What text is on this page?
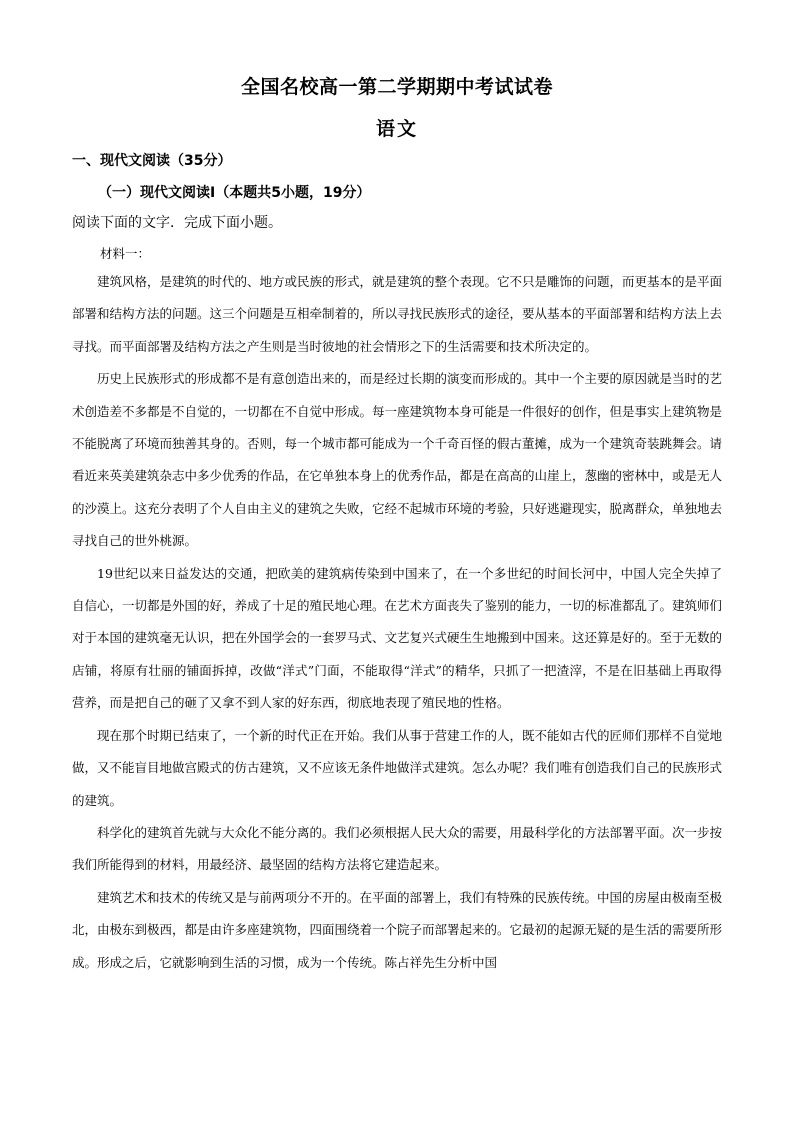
全国名校高一第二学期期中考试试卷
语文
一、现代文阅读（35分）
（一）现代文阅读Ⅰ（本题共5小题，19分）
阅读下面的文字．完成下面小题。
材料一：

建筑风格，是建筑的时代的、地方或民族的形式，就是建筑的整个表现。它不只是雕饰的问题，而更基本的是平面部署和结构方法的问题。这三个问题是互相牵制着的，所以寻找民族形式的途径，要从基本的平面部署和结构方法上去寻找。而平面部署及结构方法之产生则是当时彼地的社会情形之下的生活需要和技术所决定的。

历史上民族形式的形成都不是有意创造出来的，而是经过长期的演变而形成的。其中一个主要的原因就是当时的艺术创造差不多都是不自觉的，一切都在不自觉中形成。每一座建筑物本身可能是一件很好的创作，但是事实上建筑物是不能脱离了环境而独善其身的。否则，每一个城市都可能成为一个千奇百怪的假古董摊，成为一个建筑奇装跳舞会。请看近来英美建筑杂志中多少优秀的作品，在它单独本身上的优秀作品，都是在高高的山崖上，葱幽的密林中，或是无人的沙漠上。这充分表明了个人自由主义的建筑之失败，它经不起城市环境的考验，只好逃避现实，脱离群众，单独地去寻找自己的世外桃源。

19世纪以来日益发达的交通，把欧美的建筑病传染到中国来了，在一个多世纪的时间长河中，中国人完全失掉了自信心，一切都是外国的好，养成了十足的殖民地心理。在艺术方面丧失了鉴别的能力，一切的标准都乱了。建筑师们对于本国的建筑毫无认识，把在外国学会的一套罗马式、文艺复兴式硬生生地搬到中国来。这还算是好的。至于无数的店铺，将原有壮丽的铺面拆掉，改做“洋式”门面，不能取得“洋式”的精华，只抓了一把渣滓，不是在旧基础上再取得营养，而是把自己的砸了又拿不到人家的好东西，彻底地表现了殖民地的性格。

现在那个时期已结束了，一个新的时代正在开始。我们从事于营建工作的人，既不能如古代的匠师们那样不自觉地做，又不能盲目地做宫殿式的仿古建筑，又不应该无条件地做洋式建筑。怎么办呢？我们唯有创造我们自己的民族形式的建筑。

科学化的建筑首先就与大众化不能分离的。我们必须根据人民大众的需要，用最科学化的方法部署平面。次一步按我们所能得到的材料，用最经济、最坚固的结构方法将它建造起来。

建筑艺术和技术的传统又是与前两项分不开的。在平面的部署上，我们有特殊的民族传统。中国的房屋由极南至极北，由极东到极西，都是由许多座建筑物，四面围绕着一个院子而部署起来的。它最初的起源无疑的是生活的需要所形成。形成之后，它就影响到生活的习惯，成为一个传统。陈占祥先生分析中国
